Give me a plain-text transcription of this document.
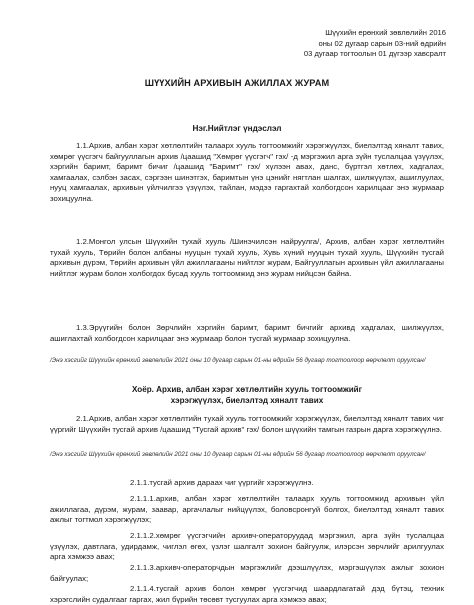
Шүүхийн ерөнхий зөвлөлийн 2016
оны 02 дугаар сарын 03-ний өдрийн
03 дугаар тогтоолын 01 дүгээр хавсралт
ШҮҮХИЙН АРХИВЫН АЖИЛЛАХ ЖУРАМ
Нэг.Нийтлэг үндэслэл
1.1.Архив, албан хэрэг хөтлөлтийн талаарх хууль тогтоомжийг хэрэгжүүлэх, биелэлтэд хяналт тавих, хөмрөг үүсгэгч байгууллагын архив /цаашид "Хөмрөг үүсгэгч" гэх/ -д мэргэжил арга зүйн туслалцаа үзүүлэх, хэргийн баримт, баримт бичиг /цаашид "Баримт" гэх/ хүлээн авах, данс, бүртгэл хөтлөх, хадгалах, хамгаалах, сэлбэн засах, сэргээн шинэтгэх, баримтын үнэ цэнийг нягтлан шалгах, шилжүүлэх, ашиглуулах, нууц хамгаалах, архивын үйлчилгээ үзүүлэх, тайлан, мэдээ гаргахтай холбогдсон харилцааг энэ журмаар зохицуулна.
1.2.Монгол улсын Шүүхийн тухай хууль /Шинэчилсэн найруулга/, Архив, албан хэрэг хөтлөлтийн тухай хууль, Төрийн болон албаны нууцын тухай хууль, Хувь хүний нууцын тухай хууль, Шүүхийн тусгай архивын дүрэм, Төрийн архивын үйл ажиллагааны нийтлэг журам, Байгууллагын архивын үйл ажиллагааны нийтлэг журам болон холбогдох бусад хууль тогтоомжид энэ журам нийцсэн байна.
1.3.Эрүүгийн болон Зөрчлийн хэргийн баримт, баримт бичгийг архивд хадгалах, шилжүүлэх, ашиглахтай холбогдсон харилцааг энэ журмаар болон тусгай журмаар зохицуулна.
/Энэ хэсгийг Шүүхийн ерөнхий зөвлөлийн 2021 оны 10 дугаар сарын 01-ны өдрийн 56 дугаар тогтоолоор өөрчлөлт оруулсан/
Хоёр. Архив, албан хэрэг хөтлөлтийн хууль тогтоомжийг
хэрэгжүүлэх, биелэлтэд хяналт тавих
2.1.Архив, албан хэрэг хөтлөлтийн тухай хууль тогтоомжийг хэрэгжүүлэх, биелэлтэд хяналт тавих чиг үүргийг Шүүхийн тусгай архив /цаашид "Тусгай архив" гэх/ болон шүүхийн тамгын газрын дарга хэрэгжүүлнэ.
/Энэ хэсгийг Шүүхийн ерөнхий зөвлөлийн 2021 оны 10 дугаар сарын 01-ны өдрийн 56 дугаар тогтоолоор өөрчлөлт оруулсан/
2.1.1.тусгай архив дараах чиг үүргийг хэрэгжүүлнэ.
2.1.1.1.архив, албан хэрэг хөтлөлтийн талаарх хууль тогтоомжид архивын үйл ажиллагаа, дүрэм, журам, заавар, аргачлалыг нийцүүлэх, боловсронгуй болгох, биелэлтэд хяналт тавих ажлыг тогтмол хэрэгжүүлэх;
2.1.1.2.хөмрөг үүсгэгчийн архивч-операторуудад мэргэжил, арга зүйн туслалцаа үзүүлэх, давтлага, удирдамж, чиглэл өгөх, үзлэг шалгалт зохион байгуулж, илэрсэн зөрчлийг арилгуулах арга хэмжээ авах;
2.1.1.3.архивч-операторчдын мэргэжлийг дээшлүүлэх, мэргэшүүлэх ажлыг зохион байгуулах;
2.1.1.4.тусгай архив болон хөмрөг үүсгэгчид шаардлагатай дэд бүтэц, техник хэрэгслийн судалгааг гаргах, жил бүрийн төсөвт тусгуулах арга хэмжээ авах;
